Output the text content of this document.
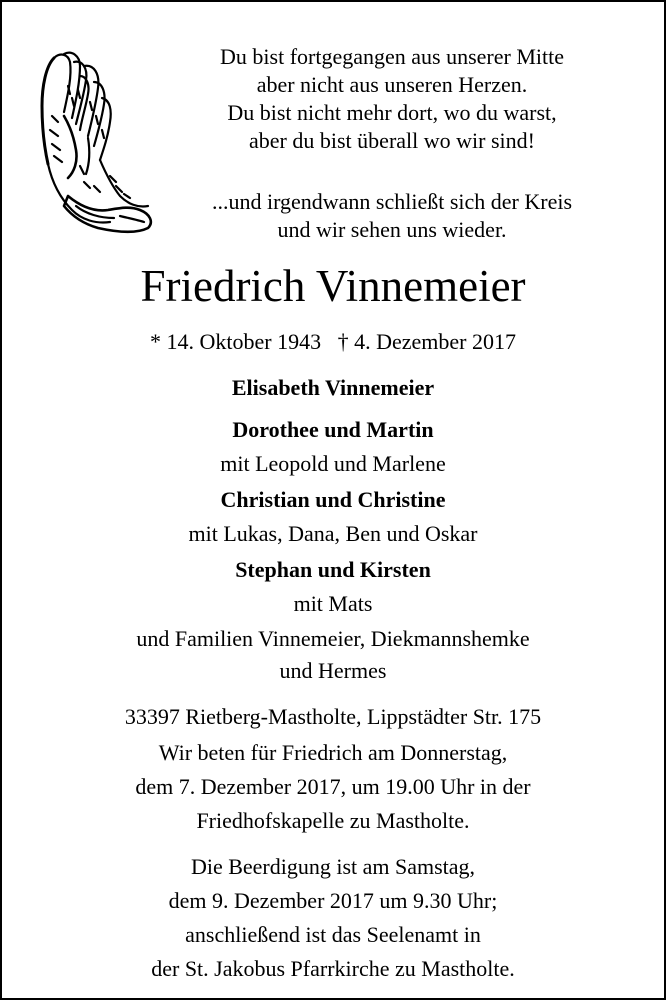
Du bist fortgegangen aus unserer Mitte
aber nicht aus unseren Herzen.
Du bist nicht mehr dort, wo du warst,
aber du bist überall wo wir sind!
...und irgendwann schließt sich der Kreis
und wir sehen uns wieder.
Friedrich Vinnemeier
* 14. Oktober 1943   † 4. Dezember 2017
Elisabeth Vinnemeier
Dorothee und Martin
mit Leopold und Marlene
Christian und Christine
mit Lukas, Dana, Ben und Oskar
Stephan und Kirsten
mit Mats
und Familien Vinnemeier, Diekmannshemke
und Hermes
33397 Rietberg-Mastholte, Lippstädter Str. 175
Wir beten für Friedrich am Donnerstag,
dem 7. Dezember 2017, um 19.00 Uhr in der
Friedhofskapelle zu Mastholte.
Die Beerdigung ist am Samstag,
dem 9. Dezember 2017 um 9.30 Uhr;
anschließend ist das Seelenamt in
der St. Jakobus Pfarrkirche zu Mastholte.
